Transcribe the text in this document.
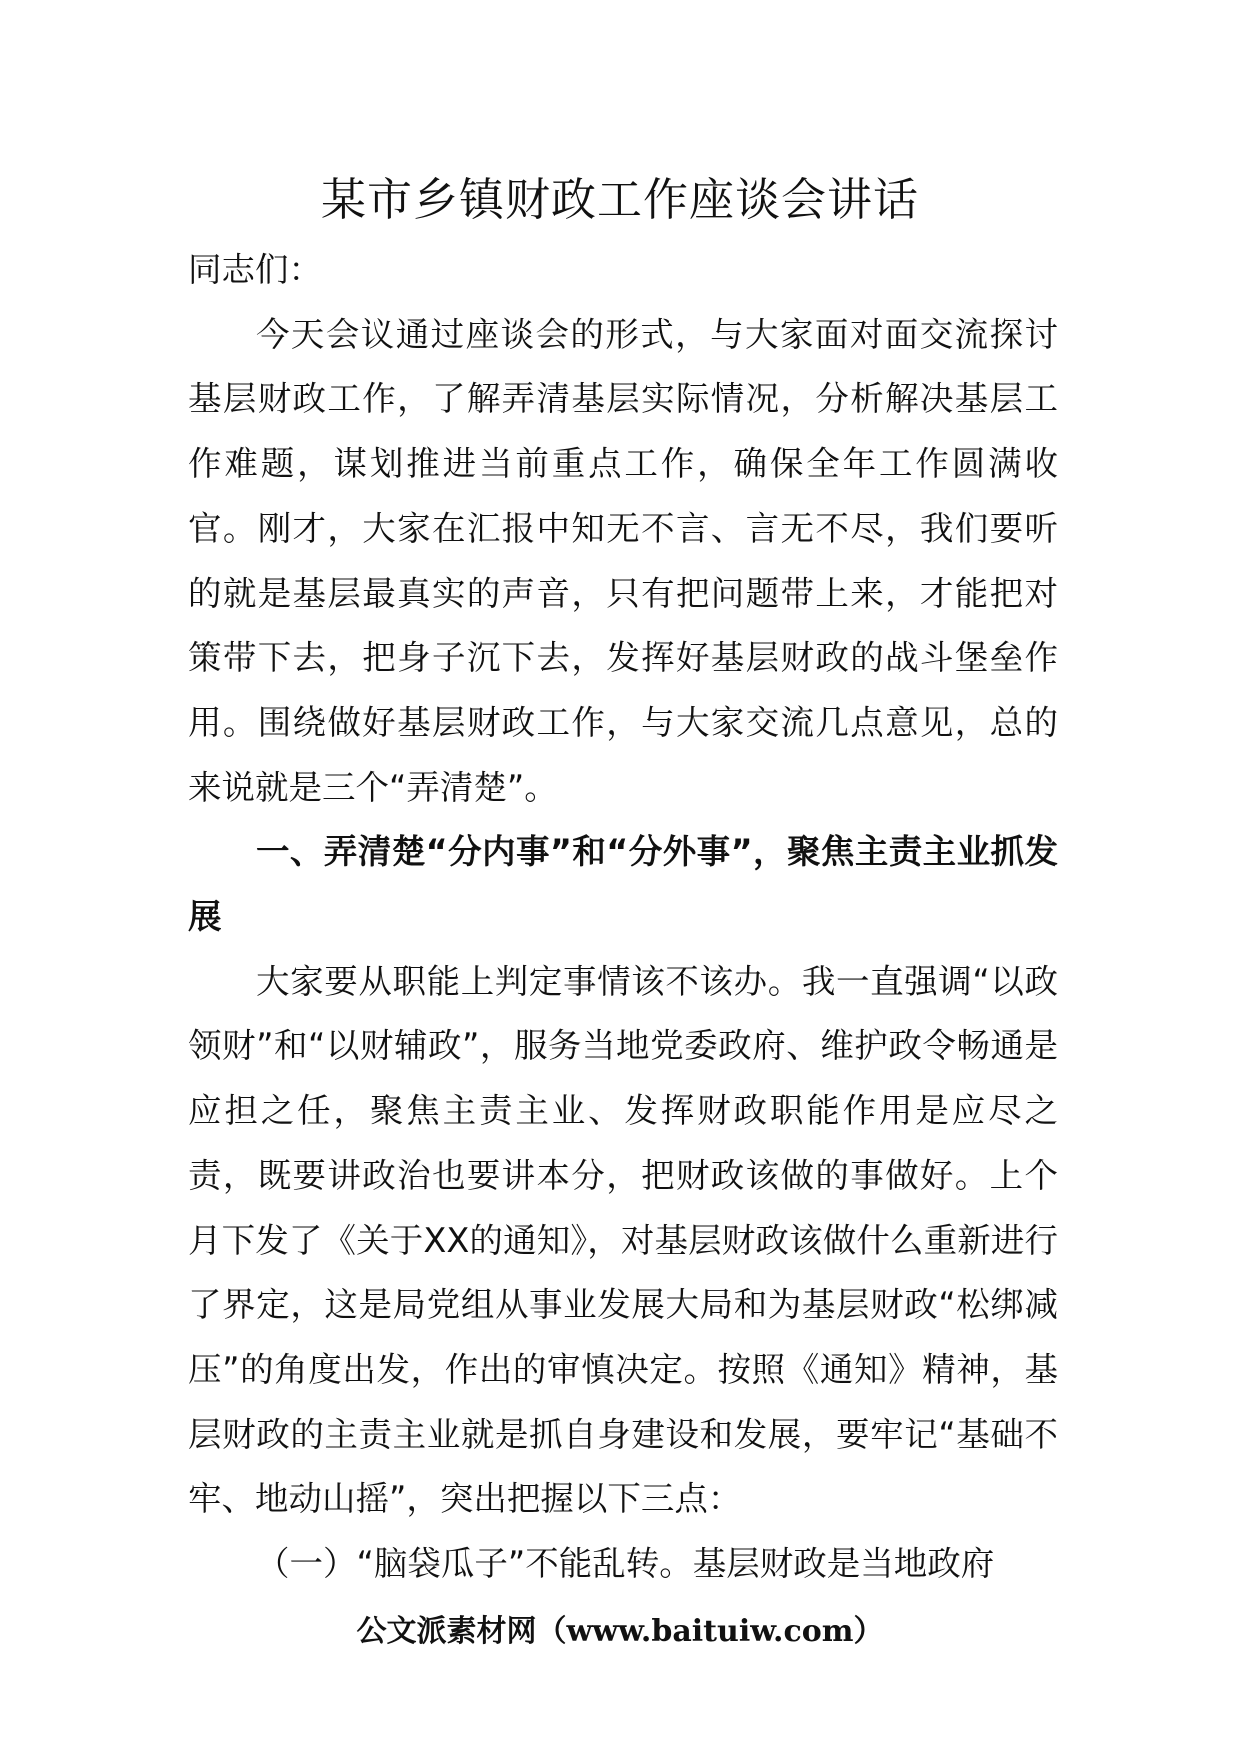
某市乡镇财政工作座谈会讲话

同志们：

今天会议通过座谈会的形式，与大家面对面交流探讨基层财政工作，了解弄清基层实际情况，分析解决基层工作难题，谋划推进当前重点工作，确保全年工作圆满收官。刚才，大家在汇报中知无不言、言无不尽，我们要听的就是基层最真实的声音，只有把问题带上来，才能把对策带下去，把身子沉下去，发挥好基层财政的战斗堡垒作用。围绕做好基层财政工作，与大家交流几点意见，总的来说就是三个“弄清楚”。

一、弄清楚“分内事”和“分外事”，聚焦主责主业抓发展

大家要从职能上判定事情该不该办。我一直强调“以政领财”和“以财辅政”，服务当地党委政府、维护政令畅通是应担之任，聚焦主责主业、发挥财政职能作用是应尽之责，既要讲政治也要讲本分，把财政该做的事做好。上个月下发了《关于XX的通知》，对基层财政该做什么重新进行了界定，这是局党组从事业发展大局和为基层财政“松绑减压”的角度出发，作出的审慎决定。按照《通知》精神，基层财政的主责主业就是抓自身建设和发展，要牢记“基础不牢、地动山摇”，突出把握以下三点：

（一）“脑袋瓜子”不能乱转。基层财政是当地政府

公文派素材网（www.baituiw.com）
